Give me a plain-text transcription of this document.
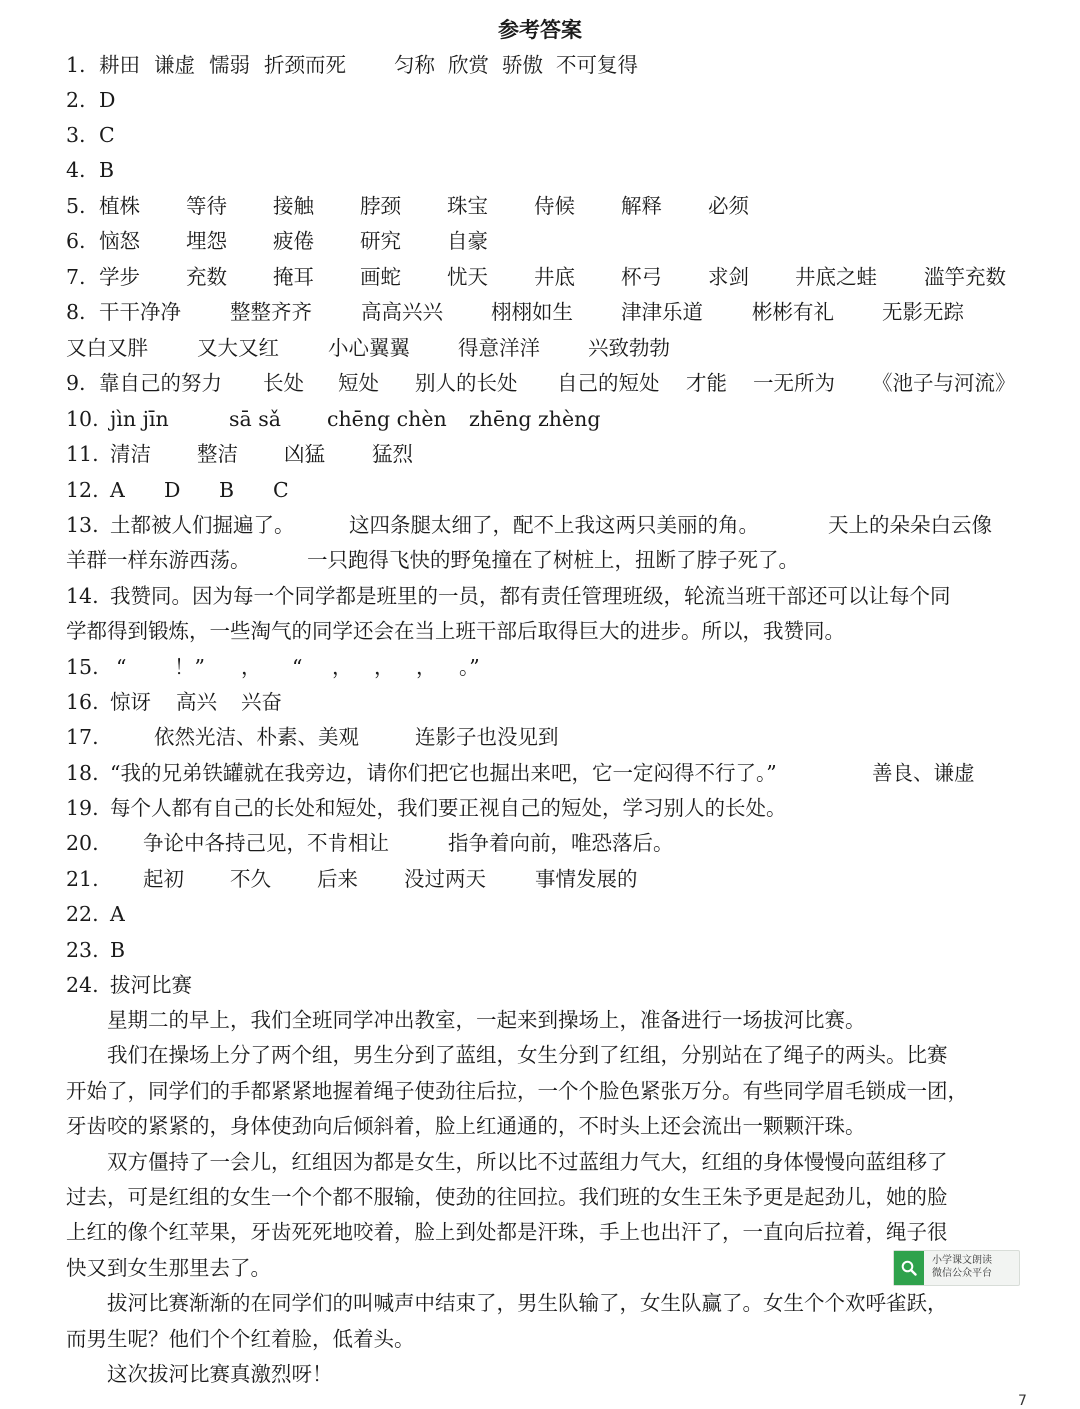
参考答案
1. 耕田 谦虚 懦弱 折颈而死 匀称 欣赏 骄傲 不可复得
2. D
3. C
4. B
5. 植株 等待 接触 脖颈 珠宝 侍候 解释 必须
6. 恼怒 埋怨 疲倦 研究 自豪
7. 学步 充数 掩耳 画蛇 忧天 井底 杯弓 求剑 井底之蛙 滥竽充数
8. 干干净净 整整齐齐 高高兴兴 栩栩如生 津津乐道 彬彬有礼 无影无踪
又白又胖 又大又红 小心翼翼 得意洋洋 兴致勃勃
9. 靠自己的努力 长处 短处 别人的长处 自己的短处 才能 一无所为 《池子与河流》
10. jìn jīn	sā sǎ chēng chèn zhēng zhèng
11. 清洁 整洁 凶猛 猛烈
12. A D B C
13. 土都被人们掘遍了。	这四条腿太细了，配不上我这两只美丽的角。	天上的朵朵白云像
羊群一样东游西荡。	一只跑得飞快的野兔撞在了树桩上，扭断了脖子死了。
14. 我赞同。因为每一个同学都是班里的一员，都有责任管理班级，轮流当班干部还可以让每个同
学都得到锻炼，一些淘气的同学还会在当上班干部后取得巨大的进步。所以，我赞同。
15. “ ！” ， “ ， ， ， 。”
16. 惊讶 高兴 兴奋
17.	依然光洁、朴素、美观	连影子也没见到
18. “我的兄弟铁罐就在我旁边，请你们把它也掘出来吧，它一定闷得不行了。”	善良、谦虚
19. 每个人都有自己的长处和短处，我们要正视自己的短处，学习别人的长处。
20. 争论中各持己见，不肯相让	指争着向前，唯恐落后。
21. 起初 不久 后来 没过两天 事情发展的
22. A
23. B
24. 拔河比赛
　　星期二的早上，我们全班同学冲出教室，一起来到操场上，准备进行一场拔河比赛。
　　我们在操场上分了两个组，男生分到了蓝组，女生分到了红组，分别站在了绳子的两头。比赛
开始了，同学们的手都紧紧地握着绳子使劲往后拉，一个个脸色紧张万分。有些同学眉毛锁成一团，
牙齿咬的紧紧的，身体使劲向后倾斜着，脸上红通通的，不时头上还会流出一颗颗汗珠。
　　双方僵持了一会儿，红组因为都是女生，所以比不过蓝组力气大，红组的身体慢慢向蓝组移了
过去，可是红组的女生一个个都不服输，使劲的往回拉。我们班的女生王朱予更是起劲儿，她的脸
上红的像个红苹果，牙齿死死地咬着，脸上到处都是汗珠，手上也出汗了，一直向后拉着，绳子很
快又到女生那里去了。
　　拔河比赛渐渐的在同学们的叫喊声中结束了，男生队输了，女生队赢了。女生个个欢呼雀跃，
而男生呢？他们个个红着脸，低着头。
　　这次拔河比赛真激烈呀！
小学课文朗读
微信公众平台
7
